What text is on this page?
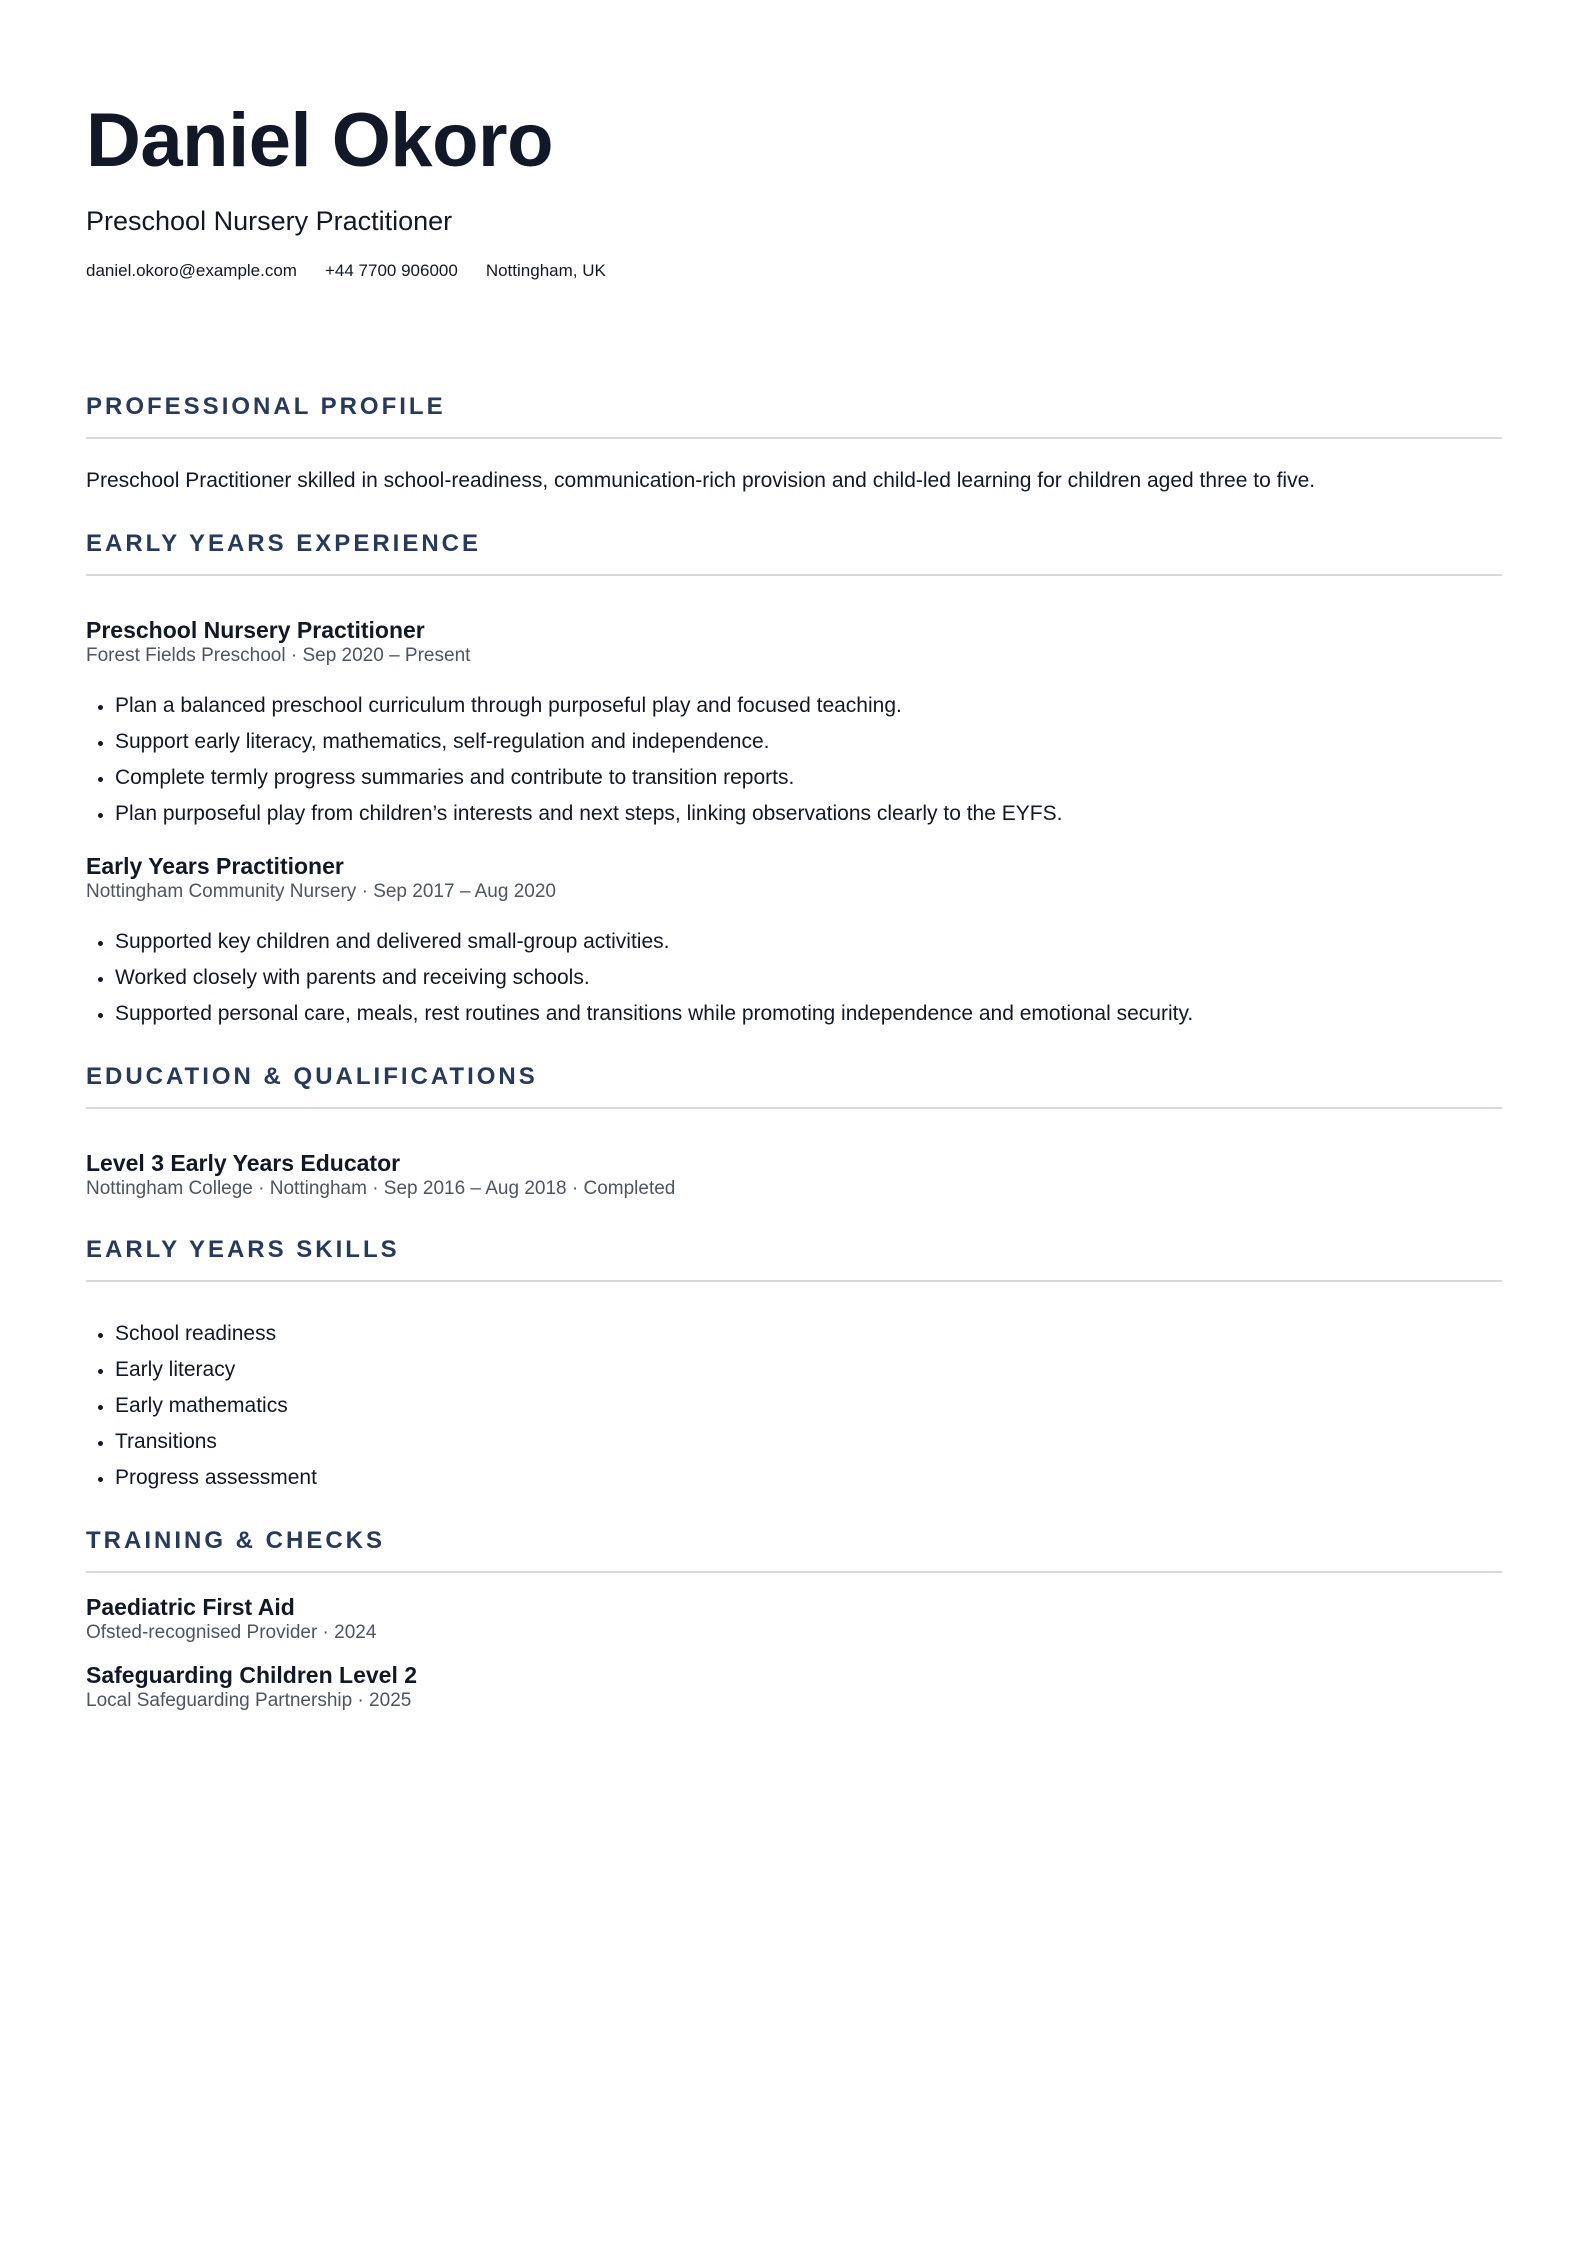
Daniel Okoro
Preschool Nursery Practitioner
daniel.okoro@example.com +44 7700 906000 Nottingham, UK
PROFESSIONAL PROFILE
Preschool Practitioner skilled in school-readiness, communication-rich provision and child-led learning for children aged three to five.
EARLY YEARS EXPERIENCE
Preschool Nursery Practitioner
Forest Fields Preschool · Sep 2020 – Present
• Plan a balanced preschool curriculum through purposeful play and focused teaching.
• Support early literacy, mathematics, self-regulation and independence.
• Complete termly progress summaries and contribute to transition reports.
• Plan purposeful play from children’s interests and next steps, linking observations clearly to the EYFS.
Early Years Practitioner
Nottingham Community Nursery · Sep 2017 – Aug 2020
• Supported key children and delivered small-group activities.
• Worked closely with parents and receiving schools.
• Supported personal care, meals, rest routines and transitions while promoting independence and emotional security.
EDUCATION & QUALIFICATIONS
Level 3 Early Years Educator
Nottingham College · Nottingham · Sep 2016 – Aug 2018 · Completed
EARLY YEARS SKILLS
• School readiness
• Early literacy
• Early mathematics
• Transitions
• Progress assessment
TRAINING & CHECKS
Paediatric First Aid
Ofsted-recognised Provider · 2024
Safeguarding Children Level 2
Local Safeguarding Partnership · 2025
